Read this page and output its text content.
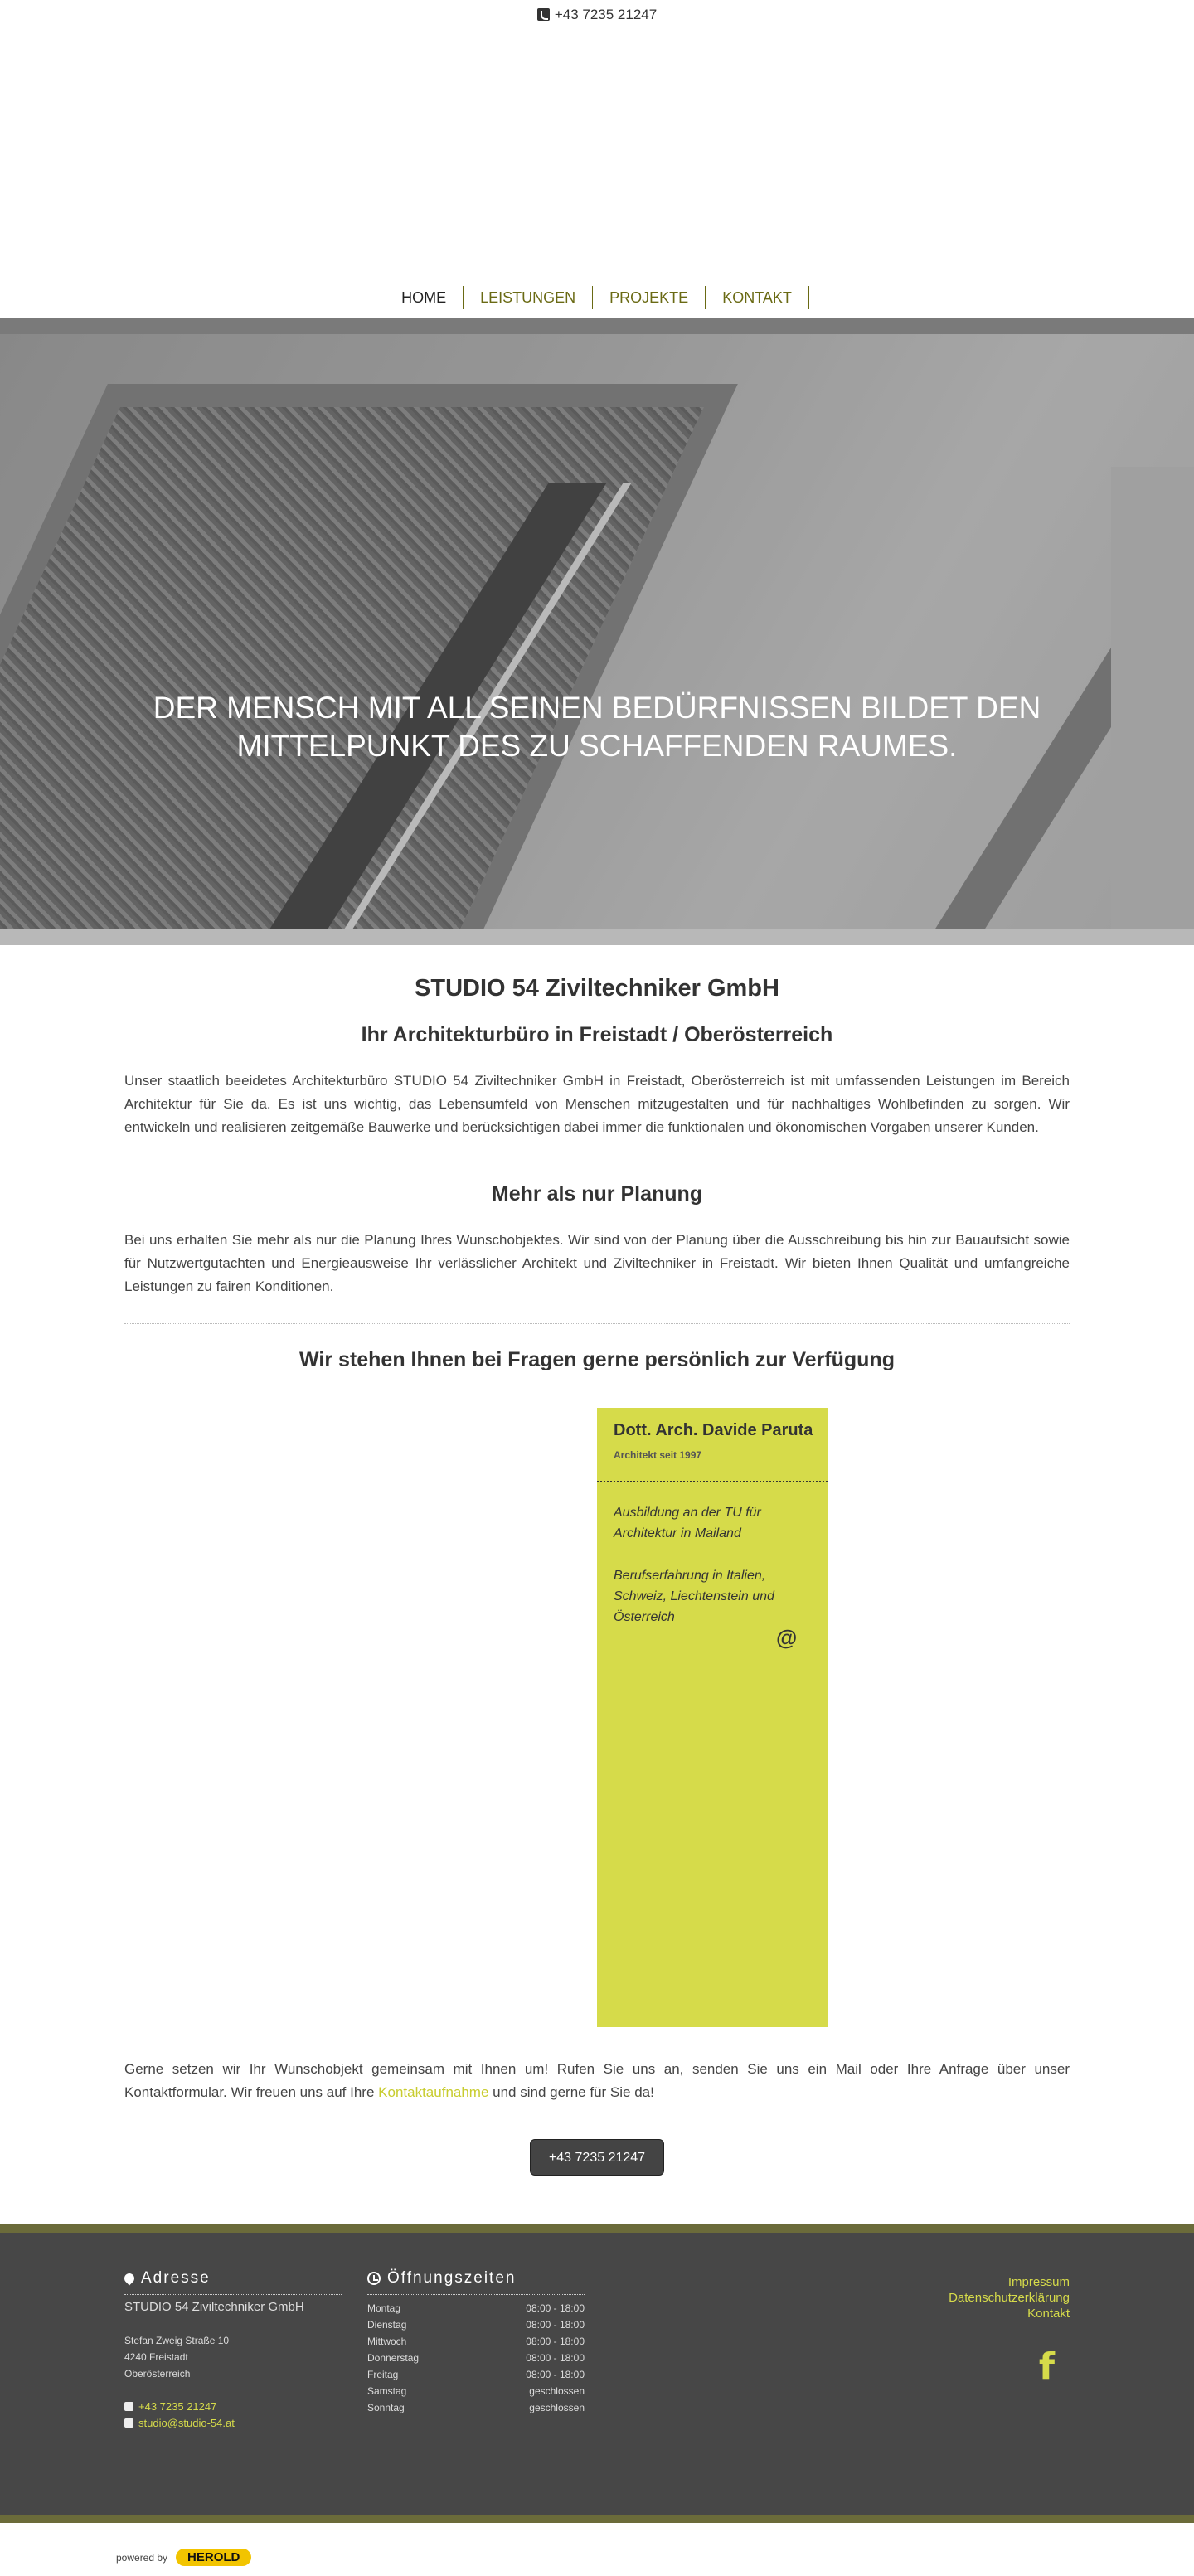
+43 7235 21247
HOME	LEISTUNGEN	PROJEKTE	KONTAKT
DER MENSCH MIT ALL SEINEN BEDÜRFNISSEN BILDET DEN MITTELPUNKT DES ZU SCHAFFENDEN RAUMES.
STUDIO 54 Ziviltechniker GmbH
Ihr Architekturbüro in Freistadt / Oberösterreich

Unser staatlich beeidetes Architekturbüro STUDIO 54 Ziviltechniker GmbH in Freistadt, Oberösterreich ist mit umfassenden Leistungen im Bereich Architektur für Sie da. Es ist uns wichtig, das Lebensumfeld von Menschen mitzugestalten und für nachhaltiges Wohlbefinden zu sorgen. Wir entwickeln und realisieren zeitgemäße Bauwerke und berücksichtigen dabei immer die funktionalen und ökonomischen Vorgaben unserer Kunden.

Mehr als nur Planung

Bei uns erhalten Sie mehr als nur die Planung Ihres Wunschobjektes. Wir sind von der Planung über die Ausschreibung bis hin zur Bauaufsicht sowie für Nutzwertgutachten und Energieausweise Ihr verlässlicher Architekt und Ziviltechniker in Freistadt. Wir bieten Ihnen Qualität und umfangreiche Leistungen zu fairen Konditionen.

Wir stehen Ihnen bei Fragen gerne persönlich zur Verfügung
Dott. Arch. Davide Paruta
Architekt seit 1997
Ausbildung an der TU für Architektur in Mailand
Berufserfahrung in Italien, Schweiz, Liechtenstein und Österreich
@

Gerne setzen wir Ihr Wunschobjekt gemeinsam mit Ihnen um! Rufen Sie uns an, senden Sie uns ein Mail oder Ihre Anfrage über unser Kontaktformular. Wir freuen uns auf Ihre Kontaktaufnahme und sind gerne für Sie da!

+43 7235 21247
Adresse
STUDIO 54 Ziviltechniker GmbH
Stefan Zweig Straße 10
4240 Freistadt
Oberösterreich
+43 7235 21247
studio@studio-54.at
Öffnungszeiten
Montag	08:00 - 18:00
Dienstag	08:00 - 18:00
Mittwoch	08:00 - 18:00
Donnerstag	08:00 - 18:00
Freitag	08:00 - 18:00
Samstag	geschlossen
Sonntag	geschlossen
Impressum
Datenschutzerklärung
Kontakt
f
powered by	HEROLD
